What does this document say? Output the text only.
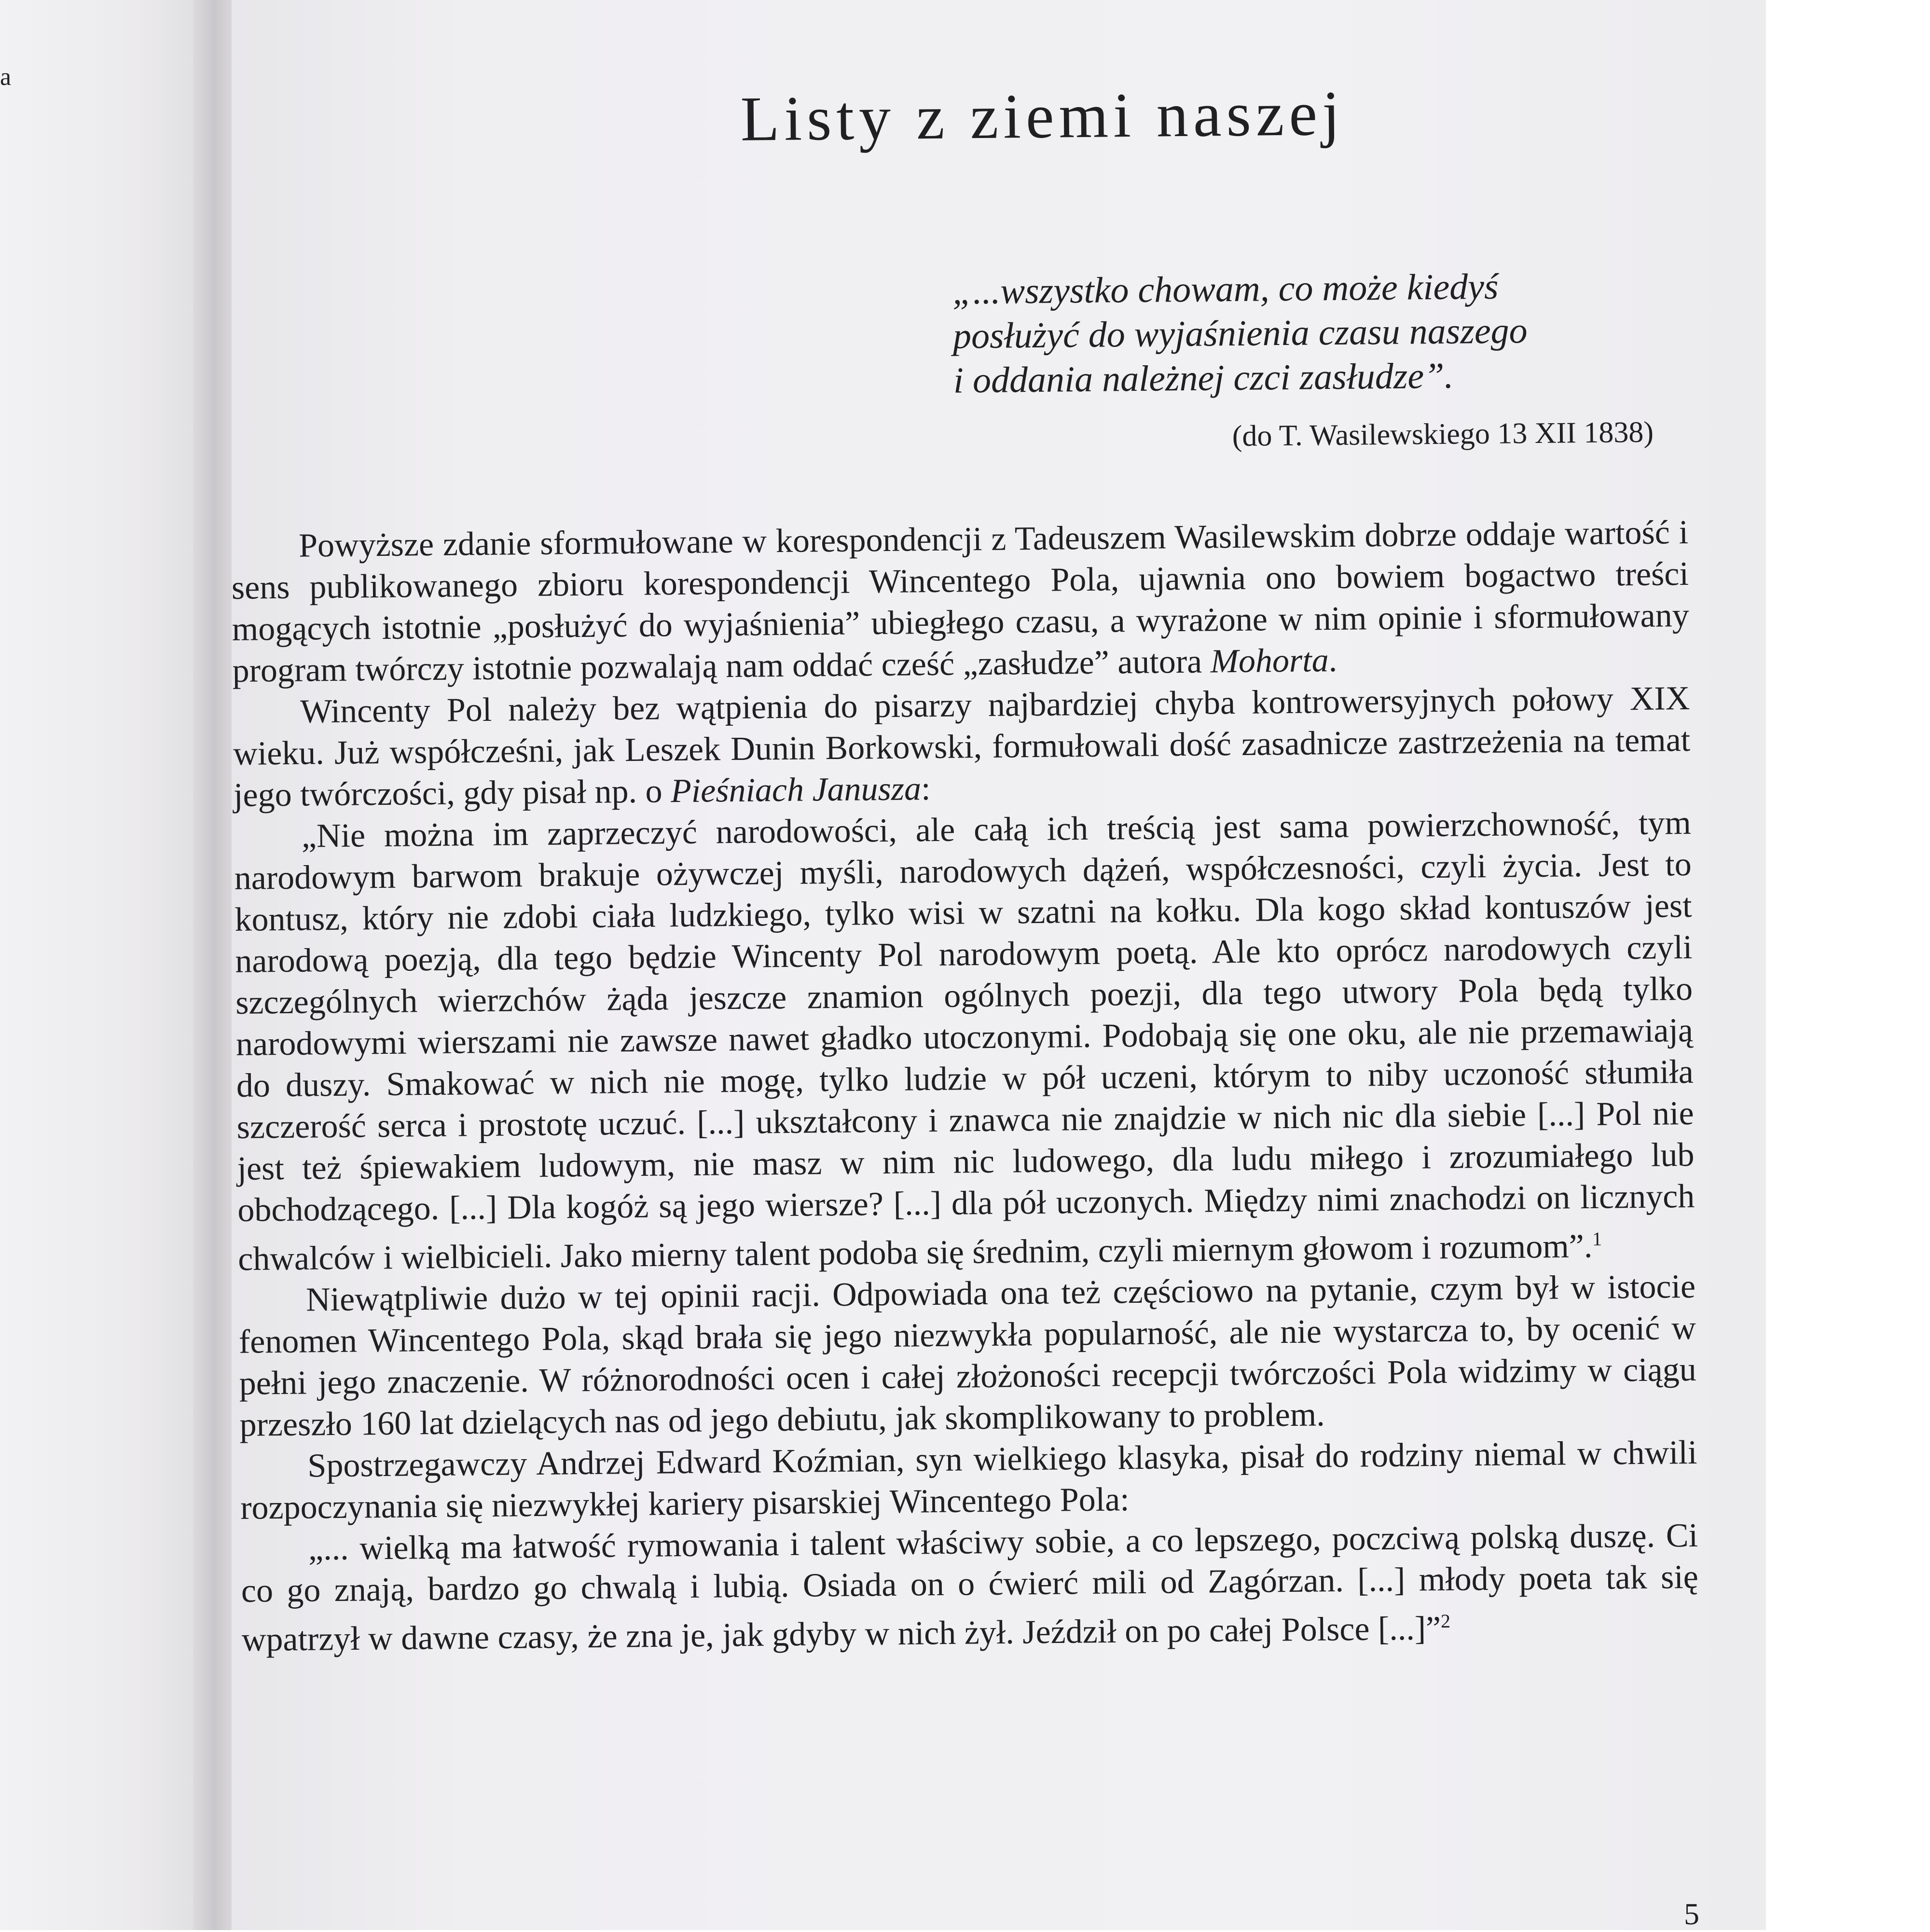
a
Listy z ziemi naszej
„...wszystko chowam, co może kiedyś
posłużyć do wyjaśnienia czasu naszego
i oddania należnej czci zasłudze”.
(do T. Wasilewskiego 13 XII 1838)

Powyższe zdanie sformułowane w korespondencji z Tadeuszem Wasilewskim dobrze oddaje wartość i sens publikowanego zbioru korespondencji Wincentego Pola, ujawnia ono bowiem bogactwo treści mogących istotnie „posłużyć do wyjaśnienia” ubiegłego czasu, a wyrażone w nim opinie i sformułowany program twórczy istotnie pozwalają nam oddać cześć „zasłudze” autora Mohorta.

Wincenty Pol należy bez wątpienia do pisarzy najbardziej chyba kontrowersyjnych połowy XIX wieku. Już współcześni, jak Leszek Dunin Borkowski, formułowali dość zasadnicze zastrzeżenia na temat jego twórczości, gdy pisał np. o Pieśniach Janusza:

„Nie można im zaprzeczyć narodowości, ale całą ich treścią jest sama powierzchowność, tym narodowym barwom brakuje ożywczej myśli, narodowych dążeń, współczesności, czyli życia. Jest to kontusz, który nie zdobi ciała ludzkiego, tylko wisi w szatni na kołku. Dla kogo skład kontuszów jest narodową poezją, dla tego będzie Wincenty Pol narodowym poetą. Ale kto oprócz narodowych czyli szczególnych wierzchów żąda jeszcze znamion ogólnych poezji, dla tego utwory Pola będą tylko narodowymi wierszami nie zawsze nawet gładko utoczonymi. Podobają się one oku, ale nie przemawiają do duszy. Smakować w nich nie mogę, tylko ludzie w pół uczeni, którym to niby uczoność stłumiła szczerość serca i prostotę uczuć. [...] ukształcony i znawca nie znajdzie w nich nic dla siebie [...] Pol nie jest też śpiewakiem ludowym, nie masz w nim nic ludowego, dla ludu miłego i zrozumiałego lub obchodzącego. [...] Dla kogóż są jego wiersze? [...] dla pół uczonych. Między nimi znachodzi on licznych chwalców i wielbicieli. Jako mierny talent podoba się średnim, czyli miernym głowom i rozumom”.$^1$

Niewątpliwie dużo w tej opinii racji. Odpowiada ona też częściowo na pytanie, czym był w istocie fenomen Wincentego Pola, skąd brała się jego niezwykła popularność, ale nie wystarcza to, by ocenić w pełni jego znaczenie. W różnorodności ocen i całej złożoności recepcji twórczości Pola widzimy w ciągu przeszło 160 lat dzielących nas od jego debiutu, jak skomplikowany to problem.

Spostrzegawczy Andrzej Edward Koźmian, syn wielkiego klasyka, pisał do rodziny niemal w chwili rozpoczynania się niezwykłej kariery pisarskiej Wincentego Pola:

„... wielką ma łatwość rymowania i talent właściwy sobie, a co lepszego, poczciwą polską duszę. Ci co go znają, bardzo go chwalą i lubią. Osiada on o ćwierć mili od Zagórzan. [...] młody poeta tak się wpatrzył w dawne czasy, że zna je, jak gdyby w nich żył. Jeździł on po całej Polsce [...]”$^2$

5
